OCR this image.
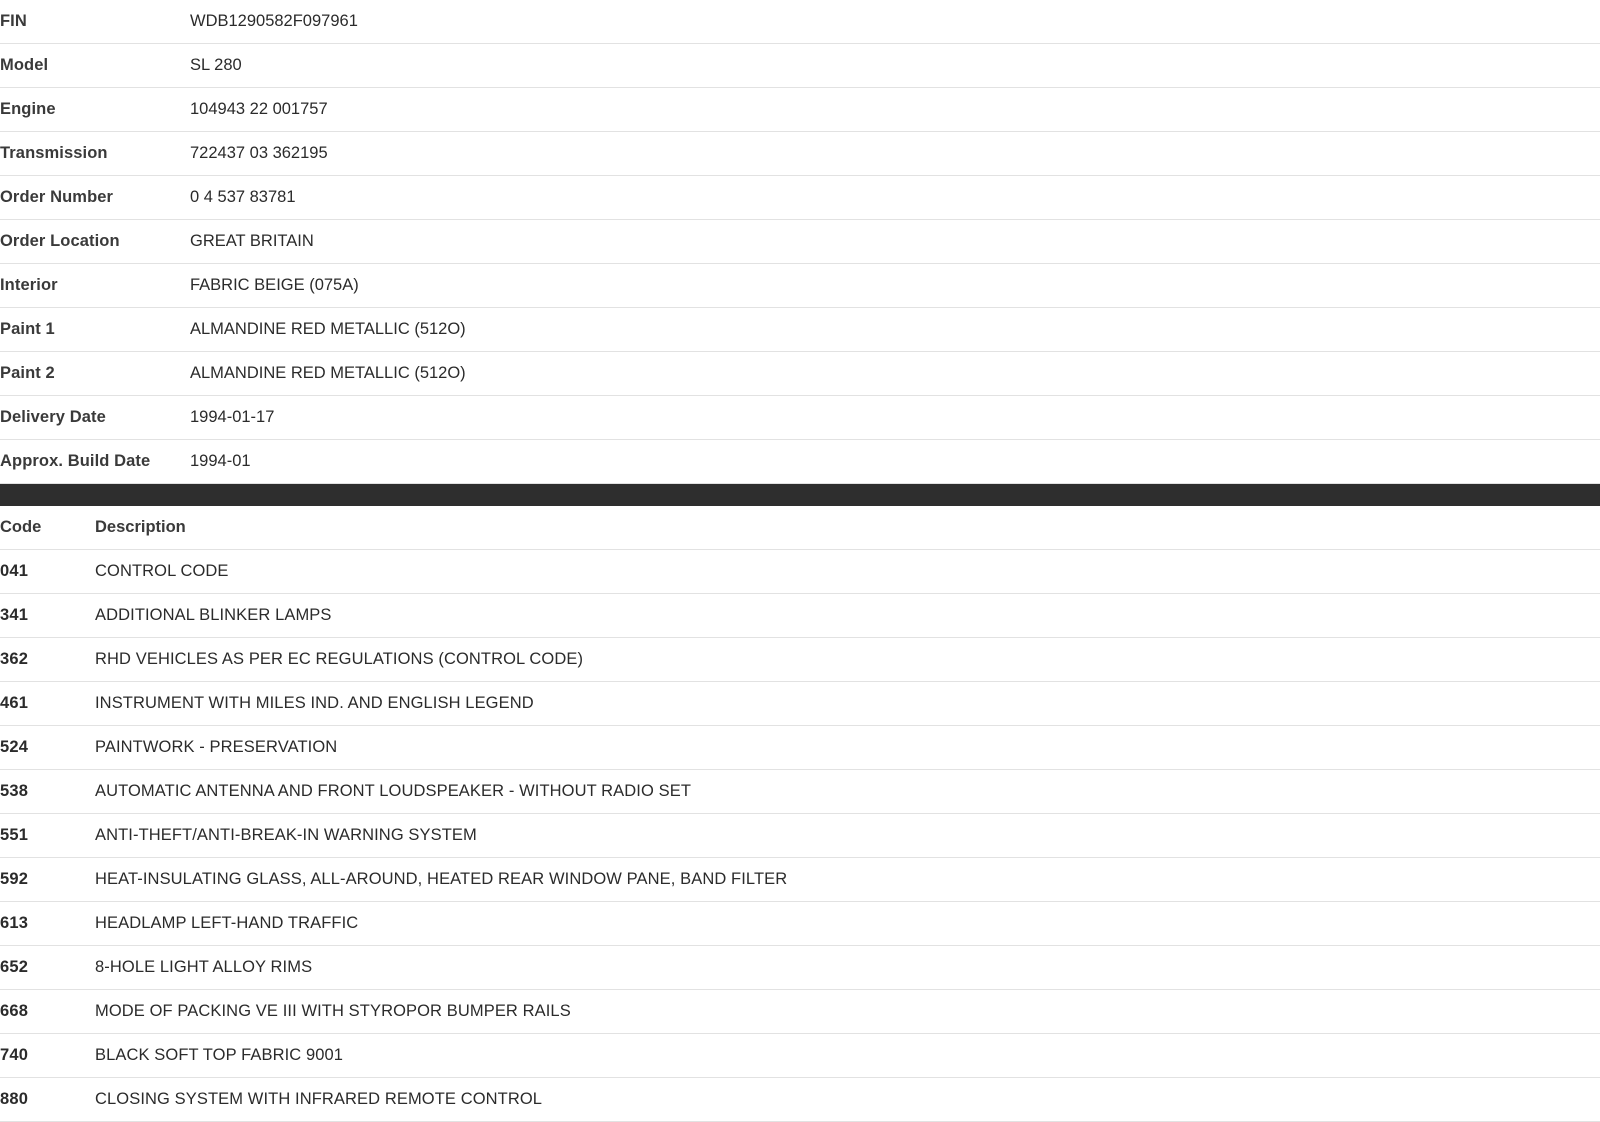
FIN	WDB1290582F097961
Model	SL 280
Engine	104943 22 001757
Transmission	722437 03 362195
Order Number	0 4 537 83781
Order Location	GREAT BRITAIN
Interior	FABRIC BEIGE (075A)
Paint 1	ALMANDINE RED METALLIC (512O)
Paint 2	ALMANDINE RED METALLIC (512O)
Delivery Date	1994-01-17
Approx. Build Date	1994-01
Code	Description
041	CONTROL CODE
341	ADDITIONAL BLINKER LAMPS
362	RHD VEHICLES AS PER EC REGULATIONS (CONTROL CODE)
461	INSTRUMENT WITH MILES IND. AND ENGLISH LEGEND
524	PAINTWORK - PRESERVATION
538	AUTOMATIC ANTENNA AND FRONT LOUDSPEAKER - WITHOUT RADIO SET
551	ANTI-THEFT/ANTI-BREAK-IN WARNING SYSTEM
592	HEAT-INSULATING GLASS, ALL-AROUND, HEATED REAR WINDOW PANE, BAND FILTER
613	HEADLAMP LEFT-HAND TRAFFIC
652	8-HOLE LIGHT ALLOY RIMS
668	MODE OF PACKING VE III WITH STYROPOR BUMPER RAILS
740	BLACK SOFT TOP FABRIC 9001
880	CLOSING SYSTEM WITH INFRARED REMOTE CONTROL
